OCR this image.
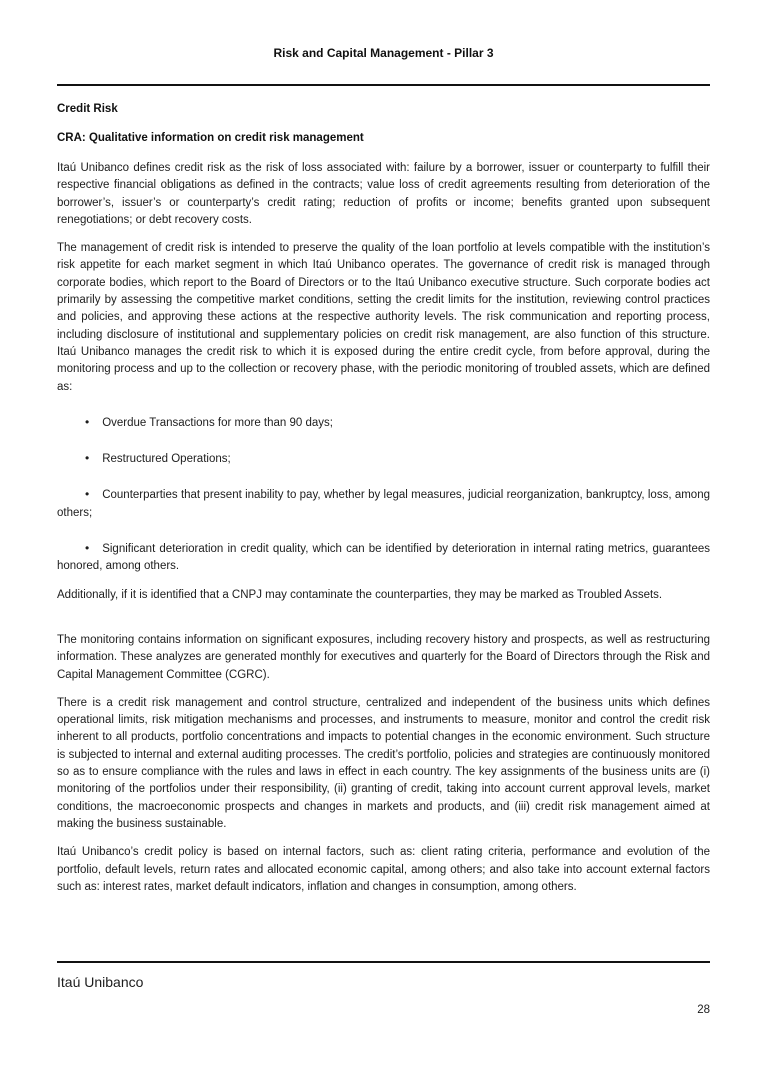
Risk and Capital Management - Pillar 3
Credit Risk
CRA: Qualitative information on credit risk management

Itaú Unibanco defines credit risk as the risk of loss associated with: failure by a borrower, issuer or counterparty to fulfill their respective financial obligations as defined in the contracts; value loss of credit agreements resulting from deterioration of the borrower’s, issuer’s or counterparty’s credit rating; reduction of profits or income; benefits granted upon subsequent renegotiations; or debt recovery costs.

The management of credit risk is intended to preserve the quality of the loan portfolio at levels compatible with the institution’s risk appetite for each market segment in which Itaú Unibanco operates. The governance of credit risk is managed through corporate bodies, which report to the Board of Directors or to the Itaú Unibanco executive structure. Such corporate bodies act primarily by assessing the competitive market conditions, setting the credit limits for the institution, reviewing control practices and policies, and approving these actions at the respective authority levels. The risk communication and reporting process, including disclosure of institutional and supplementary policies on credit risk management, are also function of this structure. Itaú Unibanco manages the credit risk to which it is exposed during the entire credit cycle, from before approval, during the monitoring process and up to the collection or recovery phase, with the periodic monitoring of troubled assets, which are defined as:

• Overdue Transactions for more than 90 days;

• Restructured Operations;

• Counterparties that present inability to pay, whether by legal measures, judicial reorganization, bankruptcy, loss, among others;

• Significant deterioration in credit quality, which can be identified by deterioration in internal rating metrics, guarantees honored, among others.

Additionally, if it is identified that a CNPJ may contaminate the counterparties, they may be marked as Troubled Assets.

The monitoring contains information on significant exposures, including recovery history and prospects, as well as restructuring information. These analyzes are generated monthly for executives and quarterly for the Board of Directors through the Risk and Capital Management Committee (CGRC).

There is a credit risk management and control structure, centralized and independent of the business units which defines operational limits, risk mitigation mechanisms and processes, and instruments to measure, monitor and control the credit risk inherent to all products, portfolio concentrations and impacts to potential changes in the economic environment. Such structure is subjected to internal and external auditing processes. The credit’s portfolio, policies and strategies are continuously monitored so as to ensure compliance with the rules and laws in effect in each country. The key assignments of the business units are (i) monitoring of the portfolios under their responsibility, (ii) granting of credit, taking into account current approval levels, market conditions, the macroeconomic prospects and changes in markets and products, and (iii) credit risk management aimed at making the business sustainable.

Itaú Unibanco’s credit policy is based on internal factors, such as: client rating criteria, performance and evolution of the portfolio, default levels, return rates and allocated economic capital, among others; and also take into account external factors such as: interest rates, market default indicators, inflation and changes in consumption, among others.

Itaú Unibanco
28
